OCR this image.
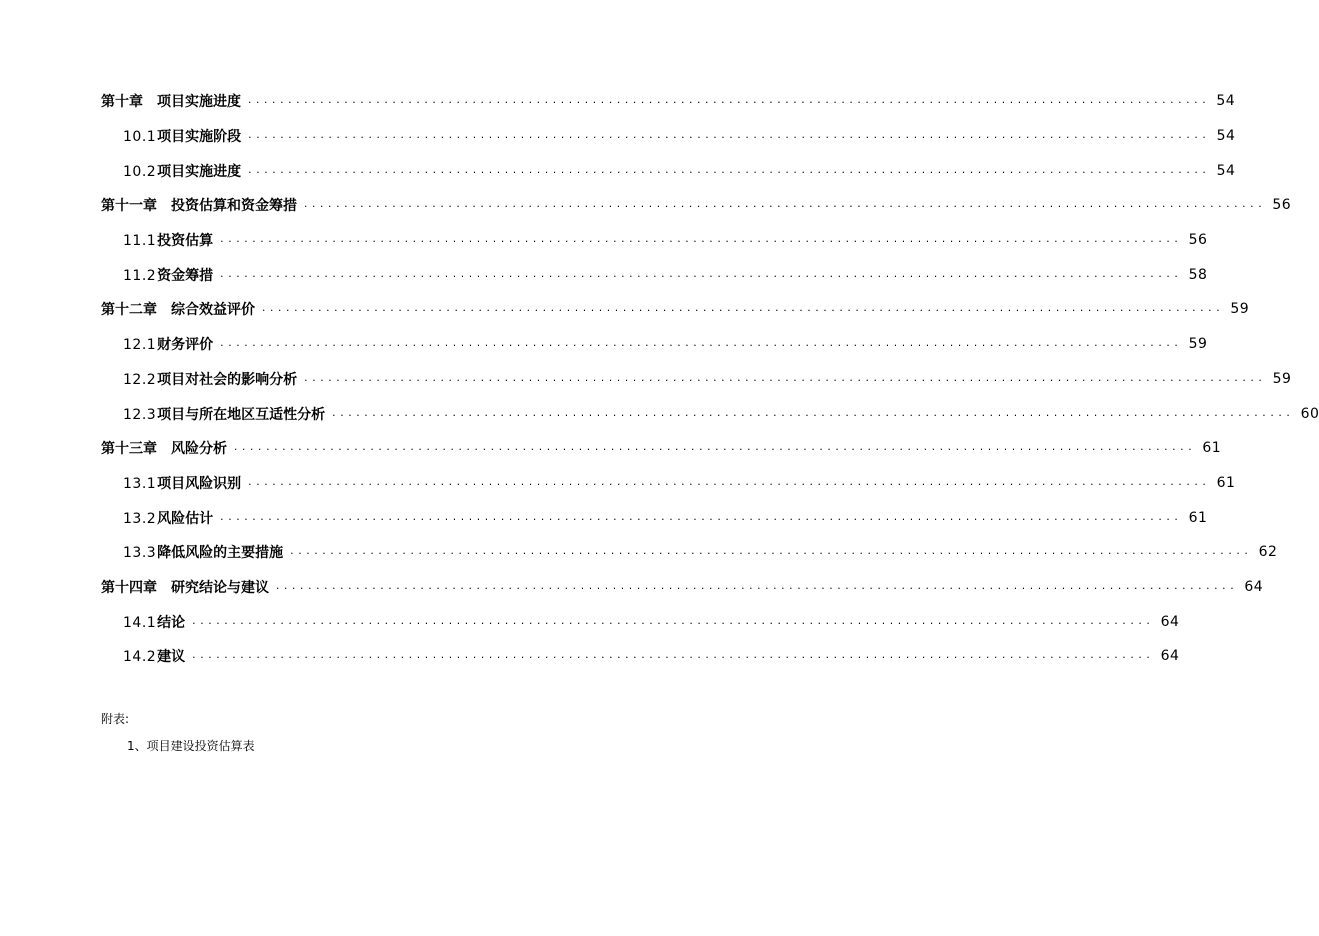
第十章 项目实施进度 ........................................................................................................................ 54
10.1 项目实施阶段 ........................................................................................................................ 54
10.2 项目实施进度 ........................................................................................................................ 54
第十一章 投资估算和资金筹措 ........................................................................................................................ 56
11.1 投资估算 ........................................................................................................................ 56
11.2 资金筹措 ........................................................................................................................ 58
第十二章 综合效益评价 ........................................................................................................................ 59
12.1 财务评价 ........................................................................................................................ 59
12.2 项目对社会的影响分析 ........................................................................................................................ 59
12.3 项目与所在地区互适性分析 ........................................................................................................................ 60
第十三章 风险分析 ........................................................................................................................ 61
13.1 项目风险识别 ........................................................................................................................ 61
13.2 风险估计 ........................................................................................................................ 61
13.3 降低风险的主要措施 ........................................................................................................................ 62
第十四章 研究结论与建议 ........................................................................................................................ 64
14.1 结论 ........................................................................................................................ 64
14.2 建议 ........................................................................................................................ 64
附表:
1、项目建设投资估算表
